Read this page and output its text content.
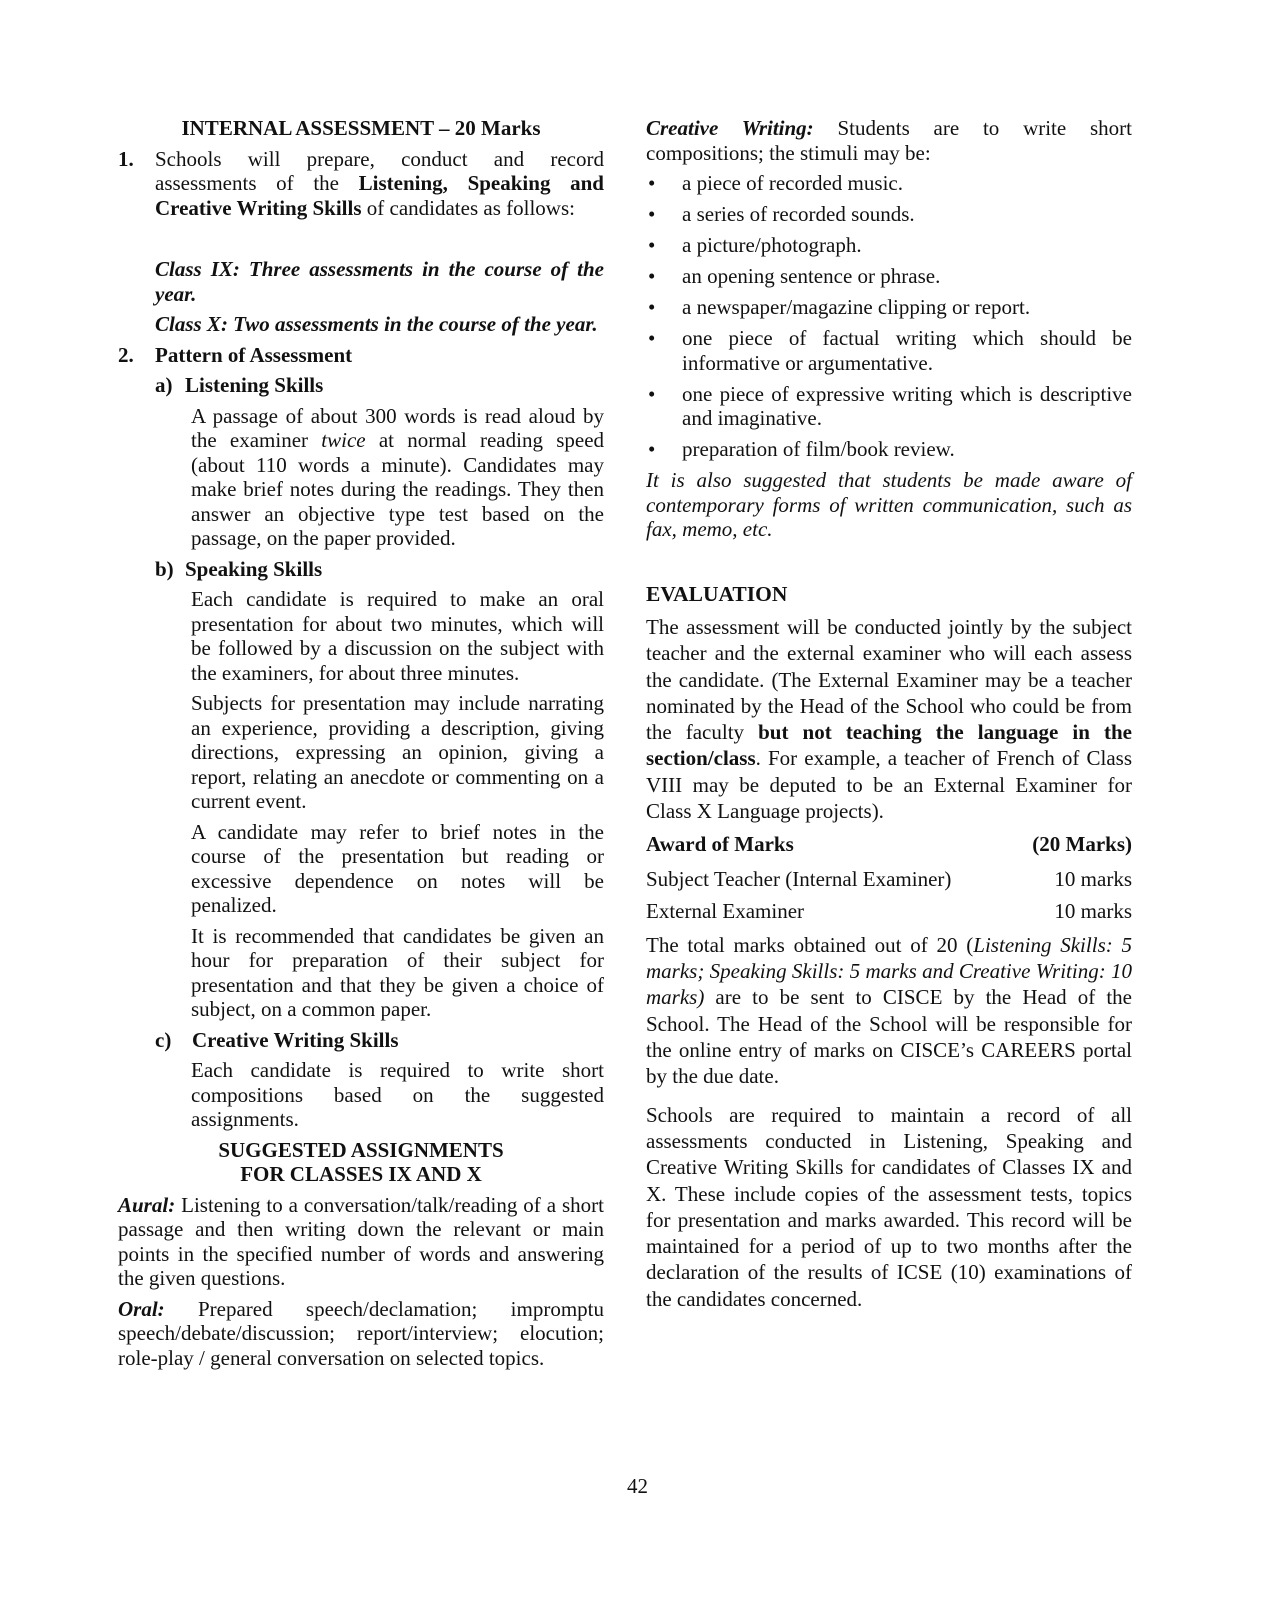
INTERNAL ASSESSMENT – 20 Marks

1.	Schools will prepare, conduct and record assessments of the Listening, Speaking and Creative Writing Skills of candidates as follows:

Class IX: Three assessments in the course of the year.

Class X: Two assessments in the course of the year.

2.	Pattern of Assessment
a) Listening Skills

A passage of about 300 words is read aloud by the examiner twice at normal reading speed (about 110 words a minute). Candidates may make brief notes during the readings. They then answer an objective type test based on the passage, on the paper provided.

b) Speaking Skills

Each candidate is required to make an oral presentation for about two minutes, which will be followed by a discussion on the subject with the examiners, for about three minutes.

Subjects for presentation may include narrating an experience, providing a description, giving directions, expressing an opinion, giving a report, relating an anecdote or commenting on a current event.

A candidate may refer to brief notes in the course of the presentation but reading or excessive dependence on notes will be penalized.

It is recommended that candidates be given an hour for preparation of their subject for presentation and that they be given a choice of subject, on a common paper.

c) Creative Writing Skills

Each candidate is required to write short compositions based on the suggested assignments.

SUGGESTED ASSIGNMENTS

FOR CLASSES IX AND X

Aural: Listening to a conversation/talk/reading of a short passage and then writing down the relevant or main points in the specified number of words and answering the given questions.

Oral: Prepared speech/declamation; impromptu speech/debate/discussion; report/interview; elocution; role-play / general conversation on selected topics.

Creative Writing: Students are to write short compositions; the stimuli may be:

• a piece of recorded music.
• a series of recorded sounds.
• a picture/photograph.
• an opening sentence or phrase.
• a newspaper/magazine clipping or report.
• one piece of factual writing which should be informative or argumentative.
• one piece of expressive writing which is descriptive and imaginative.
• preparation of film/book review.

It is also suggested that students be made aware of contemporary forms of written communication, such as fax, memo, etc.

EVALUATION

The assessment will be conducted jointly by the subject teacher and the external examiner who will each assess the candidate. (The External Examiner may be a teacher nominated by the Head of the School who could be from the faculty but not teaching the language in the section/class. For example, a teacher of French of Class VIII may be deputed to be an External Examiner for Class X Language projects).

Award of Marks	(20 Marks)
Subject Teacher (Internal Examiner)	10 marks
External Examiner	10 marks

The total marks obtained out of 20 (Listening Skills: 5 marks; Speaking Skills: 5 marks and Creative Writing: 10 marks) are to be sent to CISCE by the Head of the School. The Head of the School will be responsible for the online entry of marks on CISCE’s CAREERS portal by the due date.

Schools are required to maintain a record of all assessments conducted in Listening, Speaking and Creative Writing Skills for candidates of Classes IX and X. These include copies of the assessment tests, topics for presentation and marks awarded. This record will be maintained for a period of up to two months after the declaration of the results of ICSE (10) examinations of the candidates concerned.

42
